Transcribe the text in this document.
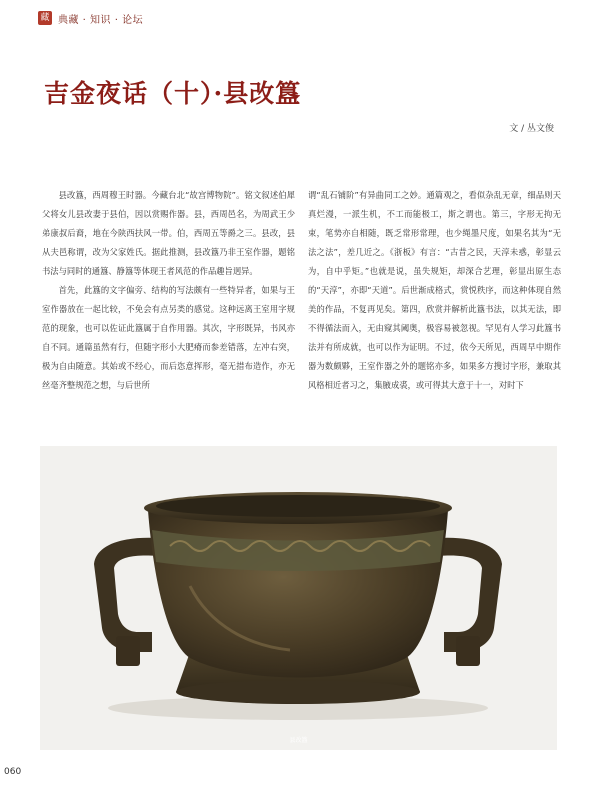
藏 典藏 · 知识 · 论坛
吉金夜话（十）·县改簋
文 / 丛文俊

县改簋，西周穆王时器。今藏台北“故宫博物院”。铭文叙述伯犀父将女儿县改妻于县伯，因以赏赐作器。县，西周邑名，为周武王少弟康叔后裔，地在今陕西扶风一带。伯，西周五等爵之三。县改，县从夫邑称谓，改为父家姓氏。据此推测，县改簋乃非王室作器，题铭书法与同时的通簋、静簋等体现王者风范的作品趣旨迥异。

首先，此簋的文字偏旁、结构的写法颇有一些特异者，如果与王室作器放在一起比较，不免会有点另类的感觉。这种远离王室用字规范的现象，也可以佐证此簋属于自作用器。其次，字形既异，书风亦自不同。通篇虽然有行，但随字形小大肥瘠而参差错落，左冲右突，极为自由随意。其始或不经心，而后恣意挥形，毫无措布造作，亦无丝毫齐整规范之想，与后世所

谓“乱石铺阶”有异曲同工之妙。通篇观之，看似杂乱无章，细品则天真烂漫，一派生机，不工而能极工，斯之谓也。第三，字形无拘无束，笔势亦自相随，既乏常形常理，也少绳墨尺度，如果名其为“无法之法”，差几近之。《浙板》有言：“古昔之民，天淳未惑，彰显云为，自中乎矩。”也就是说，虽失规矩，却深合艺理，彰显出原生态的“天淳”，亦即“天道”。后世渐成格式，赏悦秩序，而这种体现自然美的作品，不复再见矣。第四，欣赏并解析此簋书法，以其无法，即不得循法而入，无由窥其阈奥，极容易被忽视。罕见有人学习此簋书法并有所成就，也可以作为证明。不过，依今天所见，西周早中期作器为数颇夥，王室作器之外的题铭亦多，如果多方搜讨字形，兼取其风格相近者习之，集腋成裘，或可得其大意于十一，对时下

县改簋
060
